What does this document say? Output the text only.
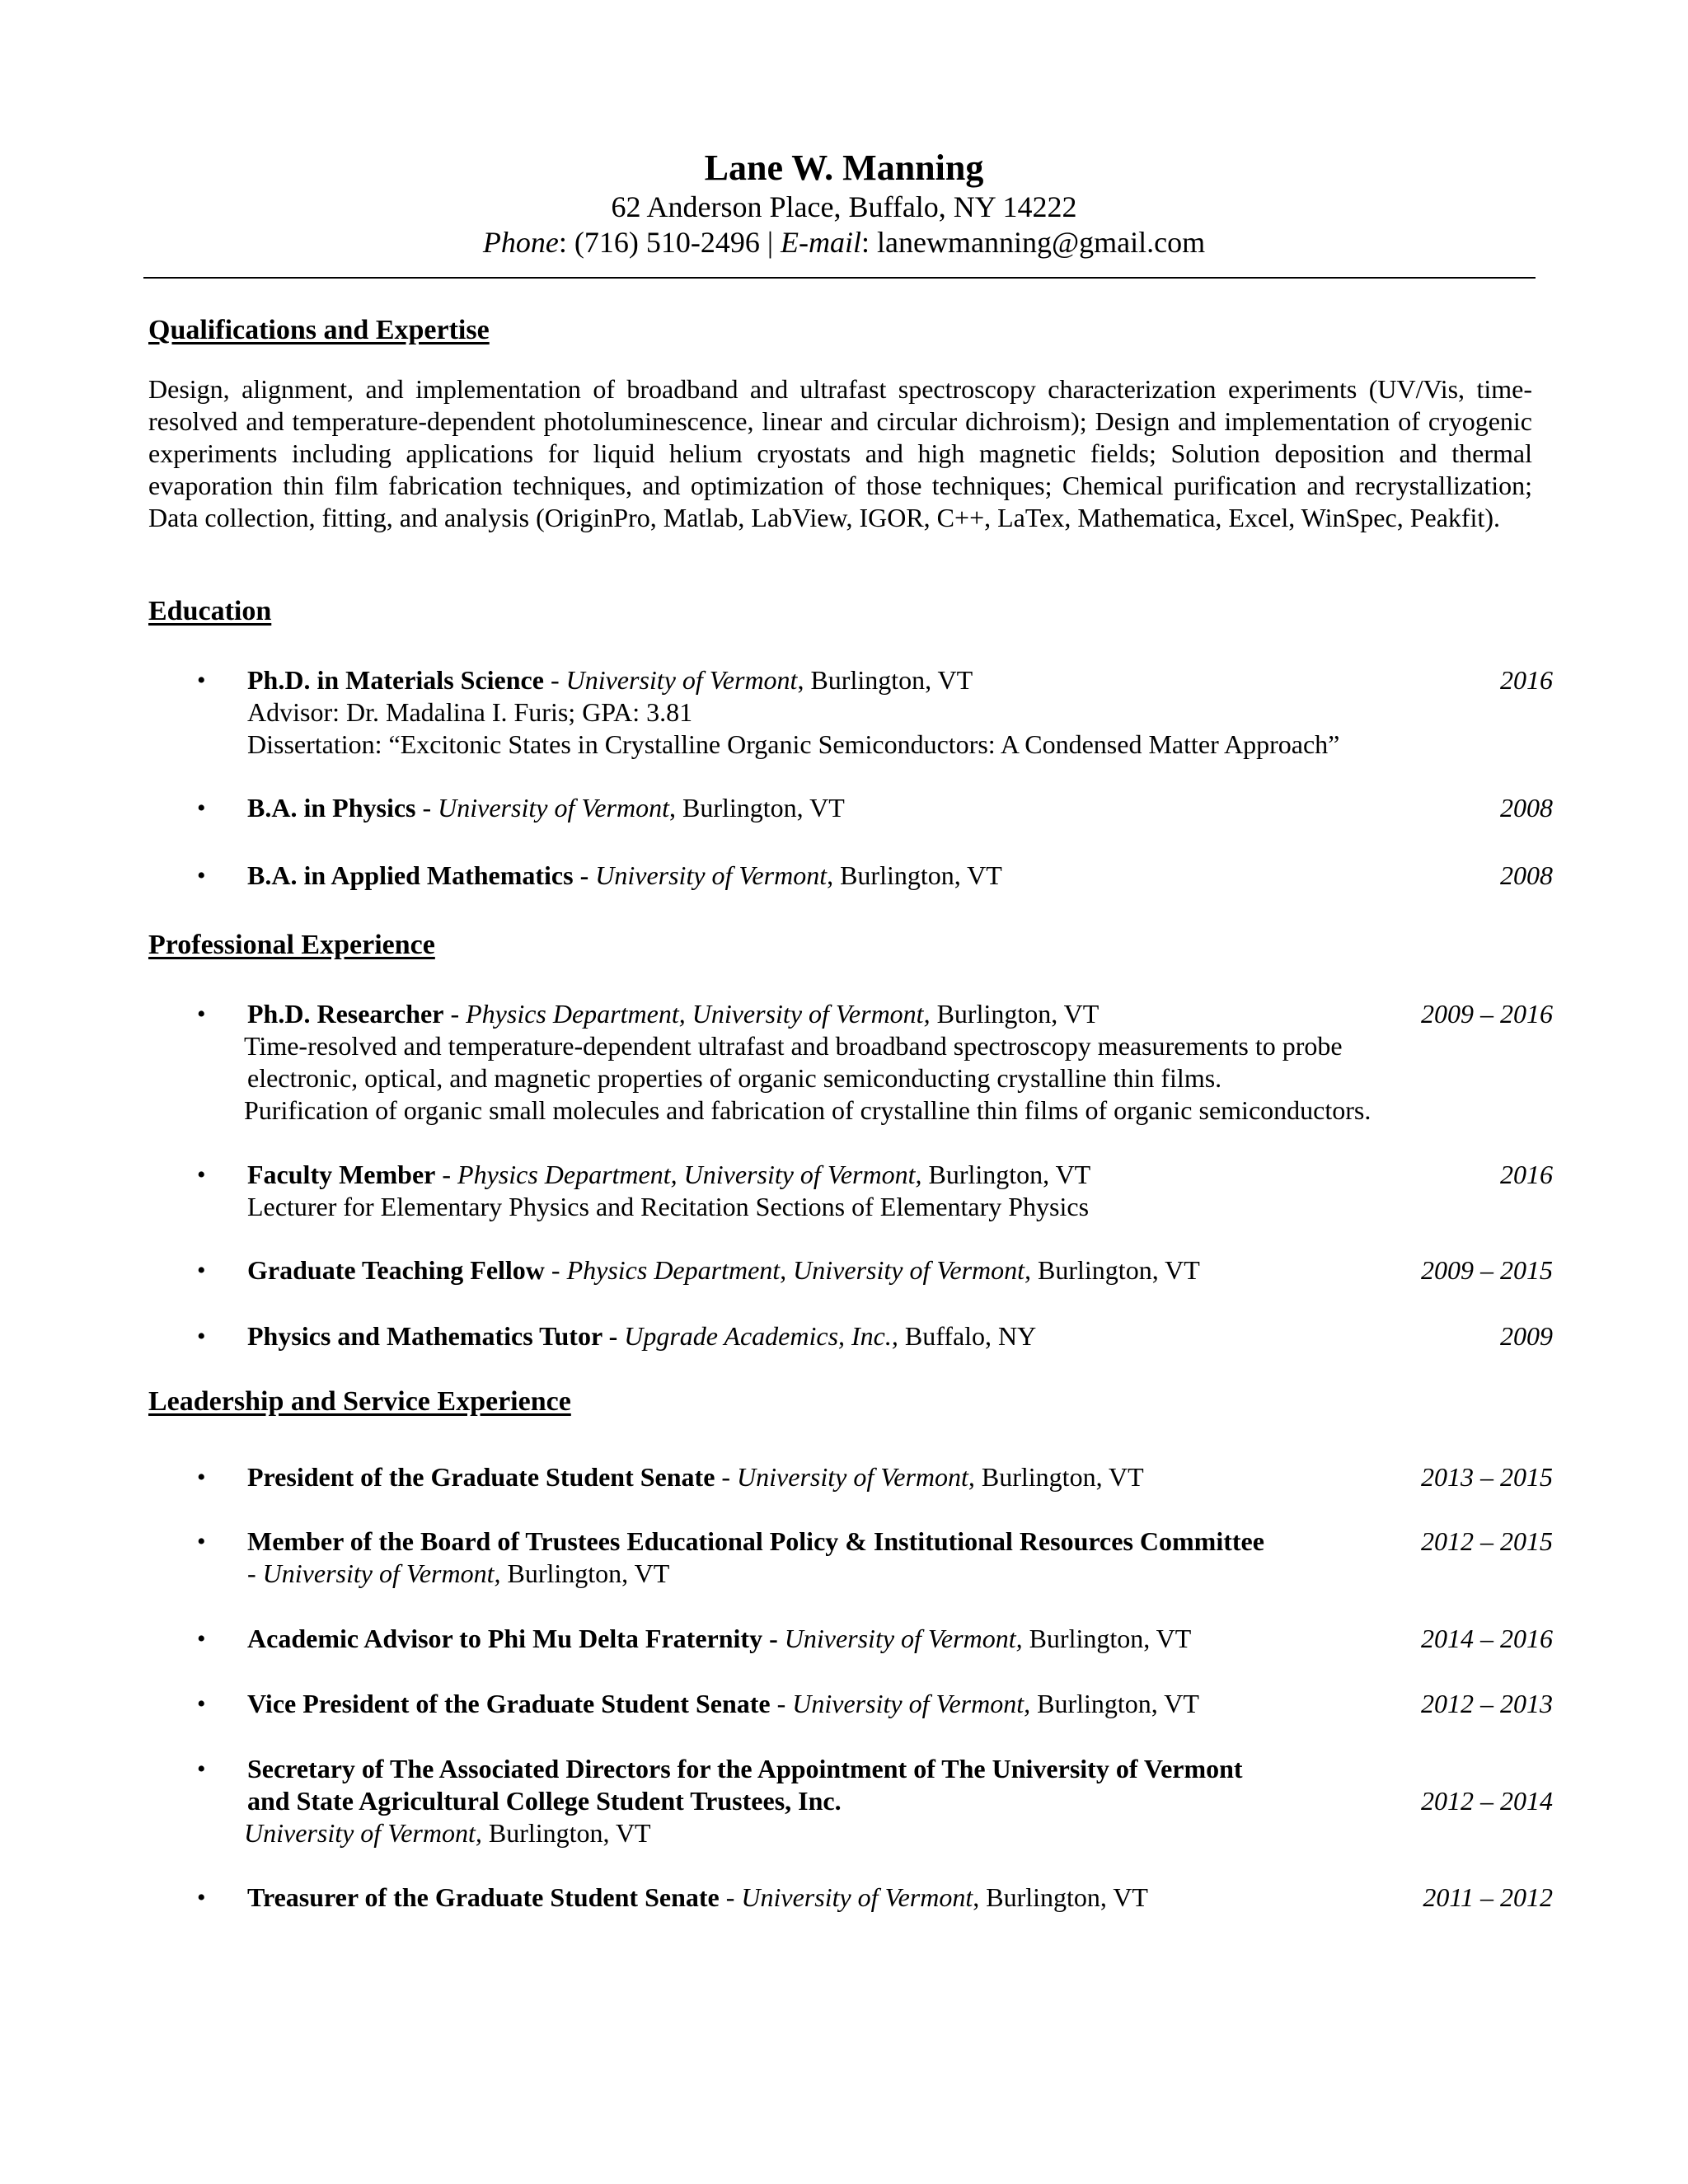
Lane W. Manning
62 Anderson Place, Buffalo, NY 14222
Phone: (716) 510-2496 | E-mail: lanewmanning@gmail.com
Qualifications and Expertise
Design, alignment, and implementation of broadband and ultrafast spectroscopy characterization experiments (UV/Vis, time-resolved and temperature-dependent photoluminescence, linear and circular dichroism); Design and implementation of cryogenic experiments including applications for liquid helium cryostats and high magnetic fields; Solution deposition and thermal evaporation thin film fabrication techniques, and optimization of those techniques; Chemical purification and recrystallization; Data collection, fitting, and analysis (OriginPro, Matlab, LabView, IGOR, C++, LaTex, Mathematica, Excel, WinSpec, Peakfit).
Education
• Ph.D. in Materials Science - University of Vermont, Burlington, VT	2016
Advisor: Dr. Madalina I. Furis; GPA: 3.81
Dissertation: “Excitonic States in Crystalline Organic Semiconductors: A Condensed Matter Approach”
• B.A. in Physics - University of Vermont, Burlington, VT	2008
• B.A. in Applied Mathematics - University of Vermont, Burlington, VT	2008
Professional Experience
• Ph.D. Researcher - Physics Department, University of Vermont, Burlington, VT	2009 – 2016
Time-resolved and temperature-dependent ultrafast and broadband spectroscopy measurements to probe
electronic, optical, and magnetic properties of organic semiconducting crystalline thin films.
Purification of organic small molecules and fabrication of crystalline thin films of organic semiconductors.
• Faculty Member - Physics Department, University of Vermont, Burlington, VT	2016
Lecturer for Elementary Physics and Recitation Sections of Elementary Physics
• Graduate Teaching Fellow - Physics Department, University of Vermont, Burlington, VT	2009 – 2015
• Physics and Mathematics Tutor - Upgrade Academics, Inc., Buffalo, NY	2009
Leadership and Service Experience
• President of the Graduate Student Senate - University of Vermont, Burlington, VT	2013 – 2015
• Member of the Board of Trustees Educational Policy & Institutional Resources Committee	2012 – 2015
- University of Vermont, Burlington, VT
• Academic Advisor to Phi Mu Delta Fraternity - University of Vermont, Burlington, VT	2014 – 2016
• Vice President of the Graduate Student Senate - University of Vermont, Burlington, VT	2012 – 2013
• Secretary of The Associated Directors for the Appointment of The University of Vermont
and State Agricultural College Student Trustees, Inc.	2012 – 2014
University of Vermont, Burlington, VT
• Treasurer of the Graduate Student Senate - University of Vermont, Burlington, VT	2011 – 2012
